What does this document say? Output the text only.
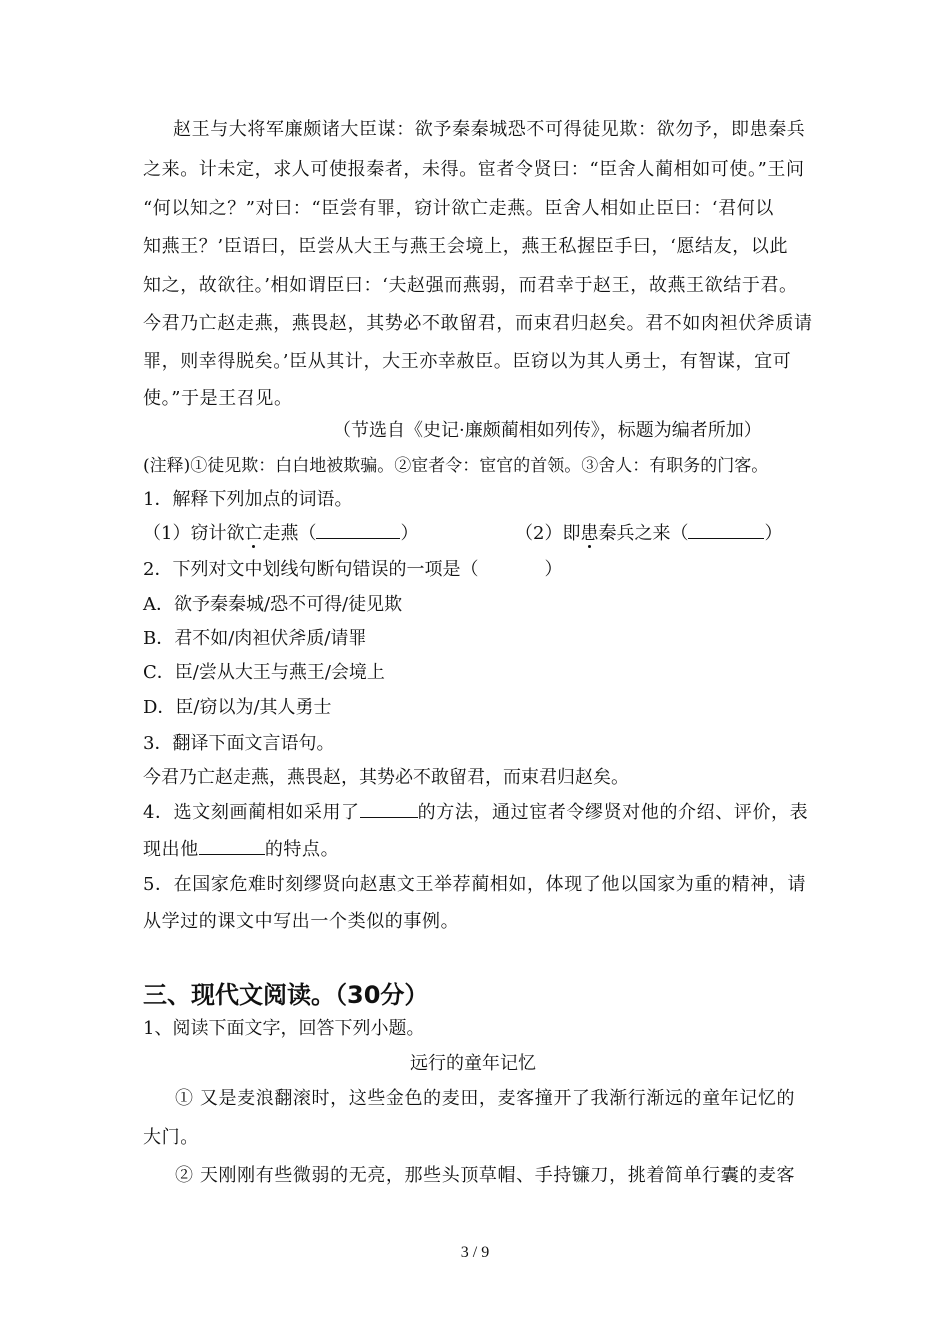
赵王与大将军廉颇诸大臣谋：欲予秦秦城恐不可得徒见欺：欲勿予，即患秦兵
之来。计未定，求人可使报秦者，未得。宦者令贤曰：“臣舍人蔺相如可使。”王问
“何以知之？”对曰：“臣尝有罪，窃计欲亡走燕。臣舍人相如止臣曰：‘君何以
知燕王？’臣语曰，臣尝从大王与燕王会境上，燕王私握臣手曰，‘愿结友，以此
知之，故欲往。’相如谓臣曰：‘夫赵强而燕弱，而君幸于赵王，故燕王欲结于君。
今君乃亡赵走燕，燕畏赵，其势必不敢留君，而束君归赵矣。君不如肉袒伏斧质请
罪，则幸得脱矣。’臣从其计，大王亦幸赦臣。臣窃以为其人勇士，有智谋，宜可
使。”于是王召见。
（节选自《史记·廉颇蔺相如列传》，标题为编者所加）
(注释)①徒见欺：白白地被欺骗。②宦者令：宦官的首领。③舍人：有职务的门客。
1．解释下列加点的词语。
（1）窃计欲亡走燕（	）	（2）即患秦兵之来（	）
2．下列对文中划线句断句错误的一项是（	）
A．欲予秦秦城/恐不可得/徒见欺
B．君不如/肉袒伏斧质/请罪
C．臣/尝从大王与燕王/会境上
D．臣/窃以为/其人勇士
3．翻译下面文言语句。
今君乃亡赵走燕，燕畏赵，其势必不敢留君，而束君归赵矣。
4．选文刻画蔺相如采用了	的方法，通过宦者令缪贤对他的介绍、评价，表
现出他	的特点。
5．在国家危难时刻缪贤向赵惠文王举荐蔺相如，体现了他以国家为重的精神，请
从学过的课文中写出一个类似的事例。
三、现代文阅读。（30分）
1、阅读下面文字，回答下列小题。
远行的童年记忆
① 又是麦浪翻滚时，这些金色的麦田，麦客撞开了我渐行渐远的童年记忆的
大门。
② 天刚刚有些微弱的无亮，那些头顶草帽、手持镰刀，挑着简单行囊的麦客
3 / 9
